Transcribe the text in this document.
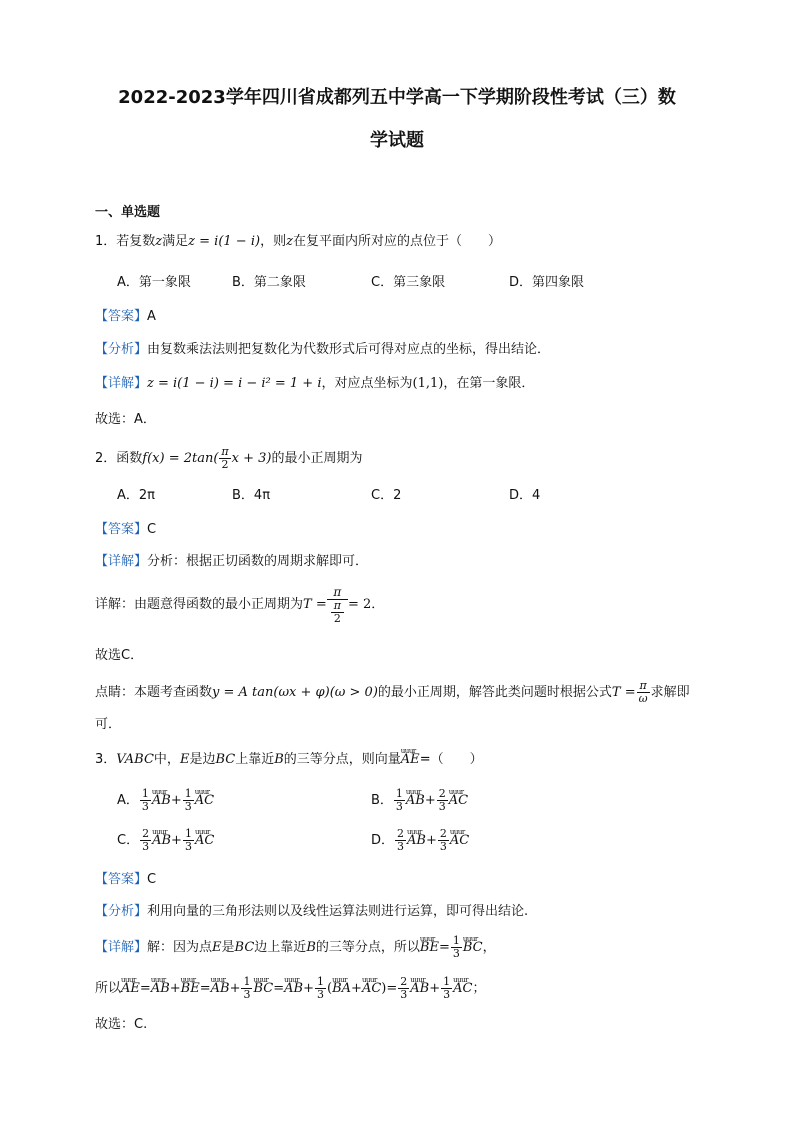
2022-2023学年四川省成都列五中学高一下学期阶段性考试（三）数
学试题
一、单选题
1．若复数z满足z = i(1 − i)，则z在复平面内所对应的点位于（　　）
A．第一象限	B．第二象限	C．第三象限	D．第四象限
【答案】A
【分析】由复数乘法法则把复数化为代数形式后可得对应点的坐标，得出结论．
【详解】z = i(1 − i) = i − i² = 1 + i，对应点坐标为(1,1)，在第一象限．
故选：A．
2．函数$f(x) = 2\tan( \frac{\pi}{2}$ x + 3)的最小正周期为
A．2π	B．4π	C．2	D．4
【答案】C
【详解】分析：根据正切函数的周期求解即可．
详解：由题意得函数的最小正周期为$T = \frac{\pi}{\frac{\pi}{2}} = 2$．
故选C．
点睛：本题考查函数y = A tan(ωx + φ)(ω > 0)的最小正周期，解答此类问题时根据公式$T = \frac{\pi}{\omega}$ 求解即
可．
3．VABC中，E是边BC上靠近B的三等分点，则向量uuur AE=（　　）
A． $\frac{1}{3}$ uuur $AB+ \frac{1}{3}$ uuur AC	B． $\frac{1}{3}$ uuur $AB+ \frac{2}{3}$ uuur AC
C． $\frac{2}{3}$ uuur $AB+ \frac{1}{3}$ uuur AC	D． $\frac{2}{3}$ uuur $AB+ \frac{2}{3}$ uuur AC
【答案】C
【分析】利用向量的三角形法则以及线性运算法则进行运算，即可得出结论.
【详解】解：因为点E是BC边上靠近B的三等分点，所以uuur $BE= \frac{1}{3}$ uuur BC，
所以uuur AE=uuur AB+uuur BE=uuur $AB+ \frac{1}{3}$ uuur BC=uuur $AB+ \frac{1}{3}$ (uuur BA+uuur $AC)= \frac{2}{3}$ uuur $AB+ \frac{1}{3}$ uuur AC；
故选：C.
